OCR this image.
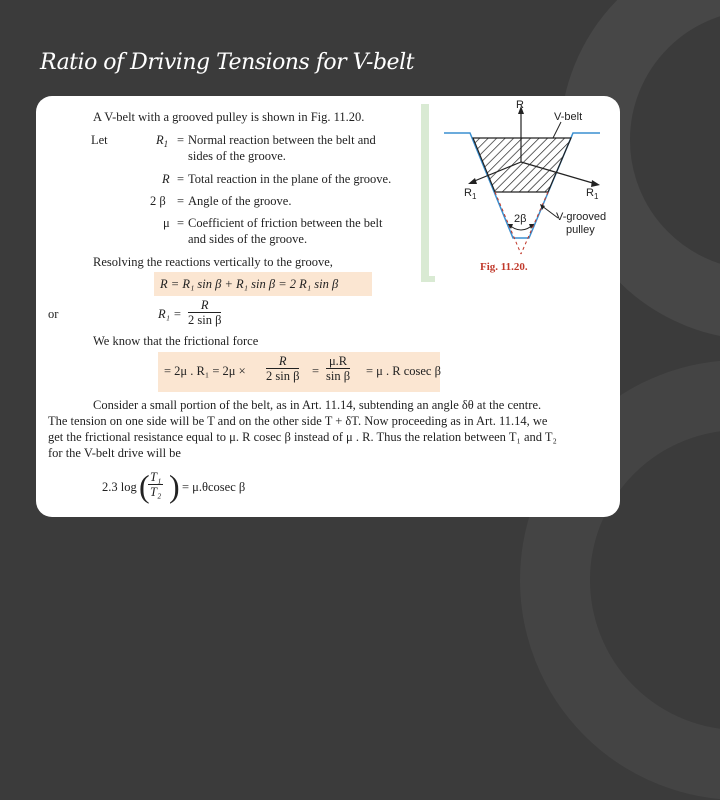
Ratio of Driving Tensions for V-belt
A V-belt with a grooved pulley is shown in Fig. 11.20.
Let	$R_1$ = Normal reaction between the belt and
sides of the groove.
R = Total reaction in the plane of the groove.
2 β = Angle of the groove.
μ = Coefficient of friction between the belt
and sides of the groove.
Resolving the reactions vertically to the groove,
R = R₁ sin β + R₁ sin β = 2 R₁ sin β
or	$R_1 = \frac{R}{\text{2 sin β}}$
We know that the frictional force
= 2μ . $R_1 = 2\mu \times \frac{R}{\text{2 sin β}} = \frac{\mu.R}{\text{sin β}} = \mu$ . R cosec β
Consider a small portion of the belt, as in Art. 11.14, subtending an angle δθ at the centre.
The tension on one side will be T and on the other side T + δT. Now proceeding as in Art. 11.14, we
get the frictional resistance equal to μ. R cosec β instead of μ . R. Thus the relation between T₁ and T₂
for the V-belt drive will be
2.3 log (
$\frac{\text{T₁}}{\text{T₂}}$ ) = μ.θcosec β
R
V-belt
$R_1$	$R_1$
2β	V-grooved
pulley
Fig. 11.20.
